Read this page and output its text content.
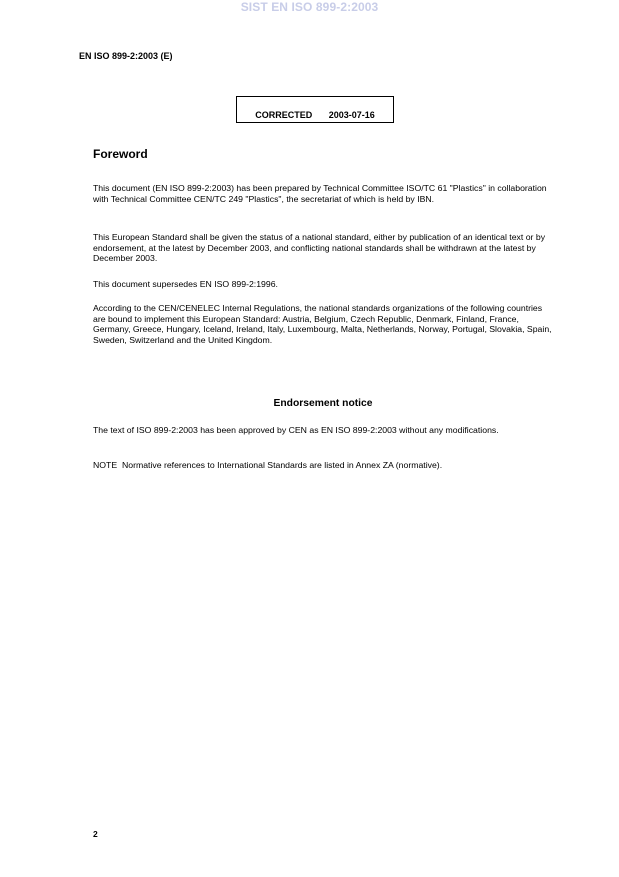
SIST EN ISO 899-2:2003
EN ISO 899-2:2003 (E)
CORRECTED   2003-07-16
Foreword

This document (EN ISO 899-2:2003) has been prepared by Technical Committee ISO/TC 61 "Plastics" in collaboration with Technical Committee CEN/TC 249 "Plastics", the secretariat of which is held by IBN.

This European Standard shall be given the status of a national standard, either by publication of an identical text or by endorsement, at the latest by December 2003, and conflicting national standards shall be withdrawn at the latest by December 2003.

This document supersedes EN ISO 899-2:1996.

According to the CEN/CENELEC Internal Regulations, the national standards organizations of the following countries are bound to implement this European Standard: Austria, Belgium, Czech Republic, Denmark, Finland, France, Germany, Greece, Hungary, Iceland, Ireland, Italy, Luxembourg, Malta, Netherlands, Norway, Portugal, Slovakia, Spain, Sweden, Switzerland and the United Kingdom.

Endorsement notice

The text of ISO 899-2:2003 has been approved by CEN as EN ISO 899-2:2003 without any modifications.

NOTE  Normative references to International Standards are listed in Annex ZA (normative).

2
